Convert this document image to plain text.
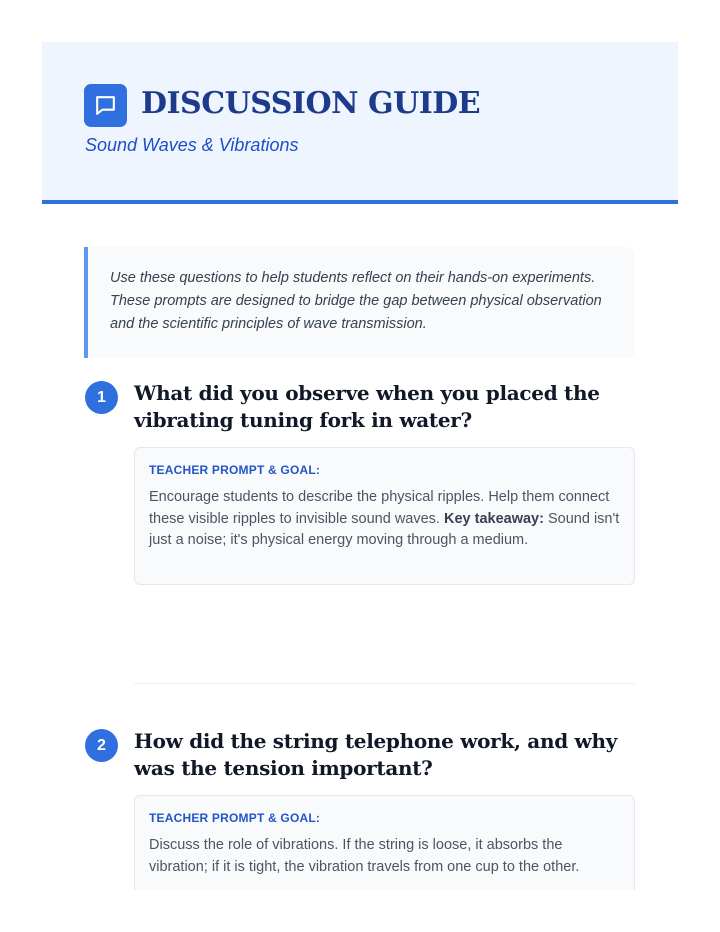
DISCUSSION GUIDE
Sound Waves & Vibrations

Use these questions to help students reflect on their hands-on experiments. These prompts are designed to bridge the gap between physical observation and the scientific principles of wave transmission.

1	What did you observe when you placed the vibrating tuning fork in water?
TEACHER PROMPT & GOAL:
Encourage students to describe the physical ripples. Help them connect these visible ripples to invisible sound waves. Key takeaway: Sound isn't just a noise; it's physical energy moving through a medium.
2	How did the string telephone work, and why was the tension important?
TEACHER PROMPT & GOAL:
Discuss the role of vibrations. If the string is loose, it absorbs the vibration; if it is tight, the vibration travels from one cup to the other.
